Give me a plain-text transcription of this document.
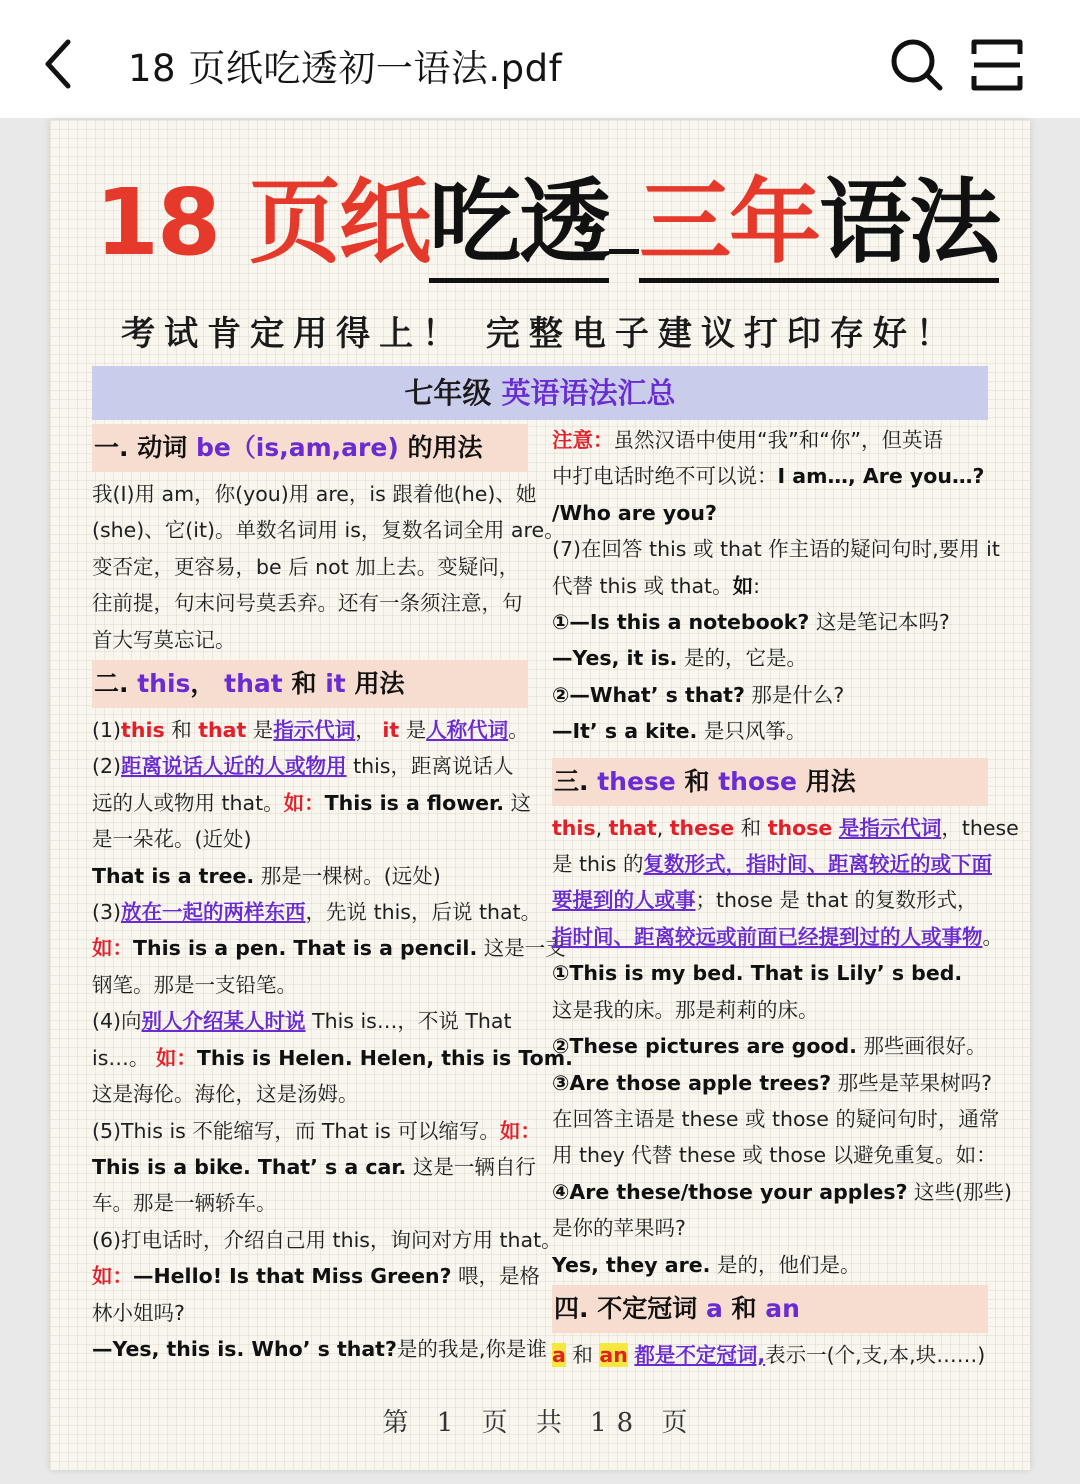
18 页纸吃透初一语法.pdf
18 页纸吃透 三年语法
考试肯定用得上！ 完整电子建议打印存好！
七年级 英语语法汇总
一. 动词 be（is,am,are) 的用法
我(I)用 am，你(you)用 are，is 跟着他(he)、她
(she)、它(it)。单数名词用 is，复数名词全用 are。
变否定，更容易，be 后 not 加上去。变疑问，
往前提，句末问号莫丢弃。还有一条须注意，句
首大写莫忘记。
二. this， that 和 it 用法
(1)this 和 that 是指示代词， it 是人称代词。
(2)距离说话人近的人或物用 this，距离说话人
远的人或物用 that。如：This is a flower. 这
是一朵花。(近处)
That is a tree. 那是一棵树。(远处)
(3)放在一起的两样东西，先说 this，后说 that。
如：This is a pen. That is a pencil. 这是一支
钢笔。那是一支铅笔。
(4)向别人介绍某人时说 This is…，不说 That
is…。 如：This is Helen. Helen, this is Tom.
这是海伦。海伦，这是汤姆。
(5)This is 不能缩写，而 That is 可以缩写。如：
This is a bike. That’ s a car. 这是一辆自行
车。那是一辆轿车。
(6)打电话时，介绍自己用 this，询问对方用 that。
如：—Hello! Is that Miss Green? 喂，是格
林小姐吗?
—Yes, this is. Who’ s that?是的我是,你是谁
注意：虽然汉语中使用“我”和“你”，但英语
中打电话时绝不可以说：I am…, Are you…?
/Who are you?
(7)在回答 this 或 that 作主语的疑问句时,要用 it
代替 this 或 that。如:
①—Is this a notebook? 这是笔记本吗?
—Yes, it is. 是的，它是。
②—What’ s that? 那是什么?
—It’ s a kite. 是只风筝。
三. these 和 those 用法
this, that, these 和 those 是指示代词，these
是 this 的复数形式，指时间、距离较近的或下面
要提到的人或事；those 是 that 的复数形式，
指时间、距离较远或前面已经提到过的人或事物。
①This is my bed. That is Lily’ s bed.
这是我的床。那是莉莉的床。
②These pictures are good. 那些画很好。
③Are those apple trees? 那些是苹果树吗?
在回答主语是 these 或 those 的疑问句时，通常
用 they 代替 these 或 those 以避免重复。如：
④Are these/those your apples? 这些(那些)
是你的苹果吗?
Yes, they are. 是的，他们是。
四. 不定冠词 a 和 an
a 和 an 都是不定冠词,表示一(个,支,本,块……)
第 1 页 共 18 页
